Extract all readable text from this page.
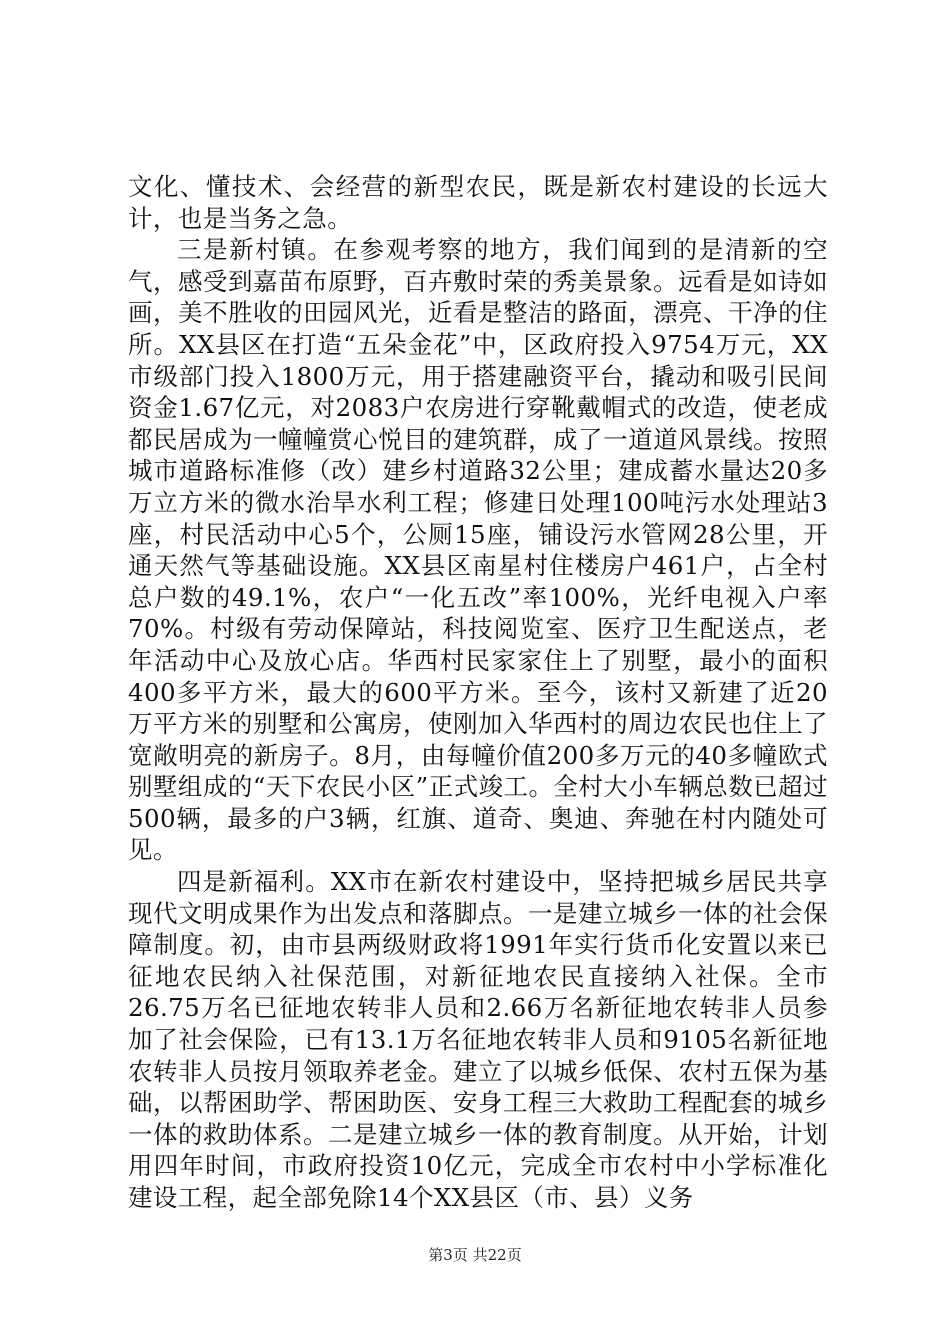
文化、懂技术、会经营的新型农民，既是新农村建设的长远大计，也是当务之急。

三是新村镇。在参观考察的地方，我们闻到的是清新的空气，感受到嘉苗布原野，百卉敷时荣的秀美景象。远看是如诗如画，美不胜收的田园风光，近看是整洁的路面，漂亮、干净的住所。XX县区在打造“五朵金花”中，区政府投入9754万元，XX市级部门投入1800万元，用于搭建融资平台，撬动和吸引民间资金1.67亿元，对2083户农房进行穿靴戴帽式的改造，使老成都民居成为一幢幢赏心悦目的建筑群，成了一道道风景线。按照城市道路标准修（改）建乡村道路32公里；建成蓄水量达20多万立方米的微水治旱水利工程；修建日处理100吨污水处理站3座，村民活动中心5个，公厕15座，铺设污水管网28公里，开通天然气等基础设施。XX县区南星村住楼房户461户，占全村总户数的49.1%，农户“一化五改”率100%，光纤电视入户率70%。村级有劳动保障站，科技阅览室、医疗卫生配送点，老年活动中心及放心店。华西村民家家住上了别墅，最小的面积400多平方米，最大的600平方米。至今，该村又新建了近20万平方米的别墅和公寓房，使刚加入华西村的周边农民也住上了宽敞明亮的新房子。8月，由每幢价值200多万元的40多幢欧式别墅组成的“天下农民小区”正式竣工。全村大小车辆总数已超过500辆，最多的户3辆，红旗、道奇、奥迪、奔驰在村内随处可见。

四是新福利。XX市在新农村建设中，坚持把城乡居民共享现代文明成果作为出发点和落脚点。一是建立城乡一体的社会保障制度。初，由市县两级财政将1991年实行货币化安置以来已征地农民纳入社保范围，对新征地农民直接纳入社保。全市26.75万名已征地农转非人员和2.66万名新征地农转非人员参加了社会保险，已有13.1万名征地农转非人员和9105名新征地农转非人员按月领取养老金。建立了以城乡低保、农村五保为基础，以帮困助学、帮困助医、安身工程三大救助工程配套的城乡一体的救助体系。二是建立城乡一体的教育制度。从开始，计划用四年时间，市政府投资10亿元，完成全市农村中小学标准化建设工程，起全部免除14个XX县区（市、县）义务

第3页 共22页
